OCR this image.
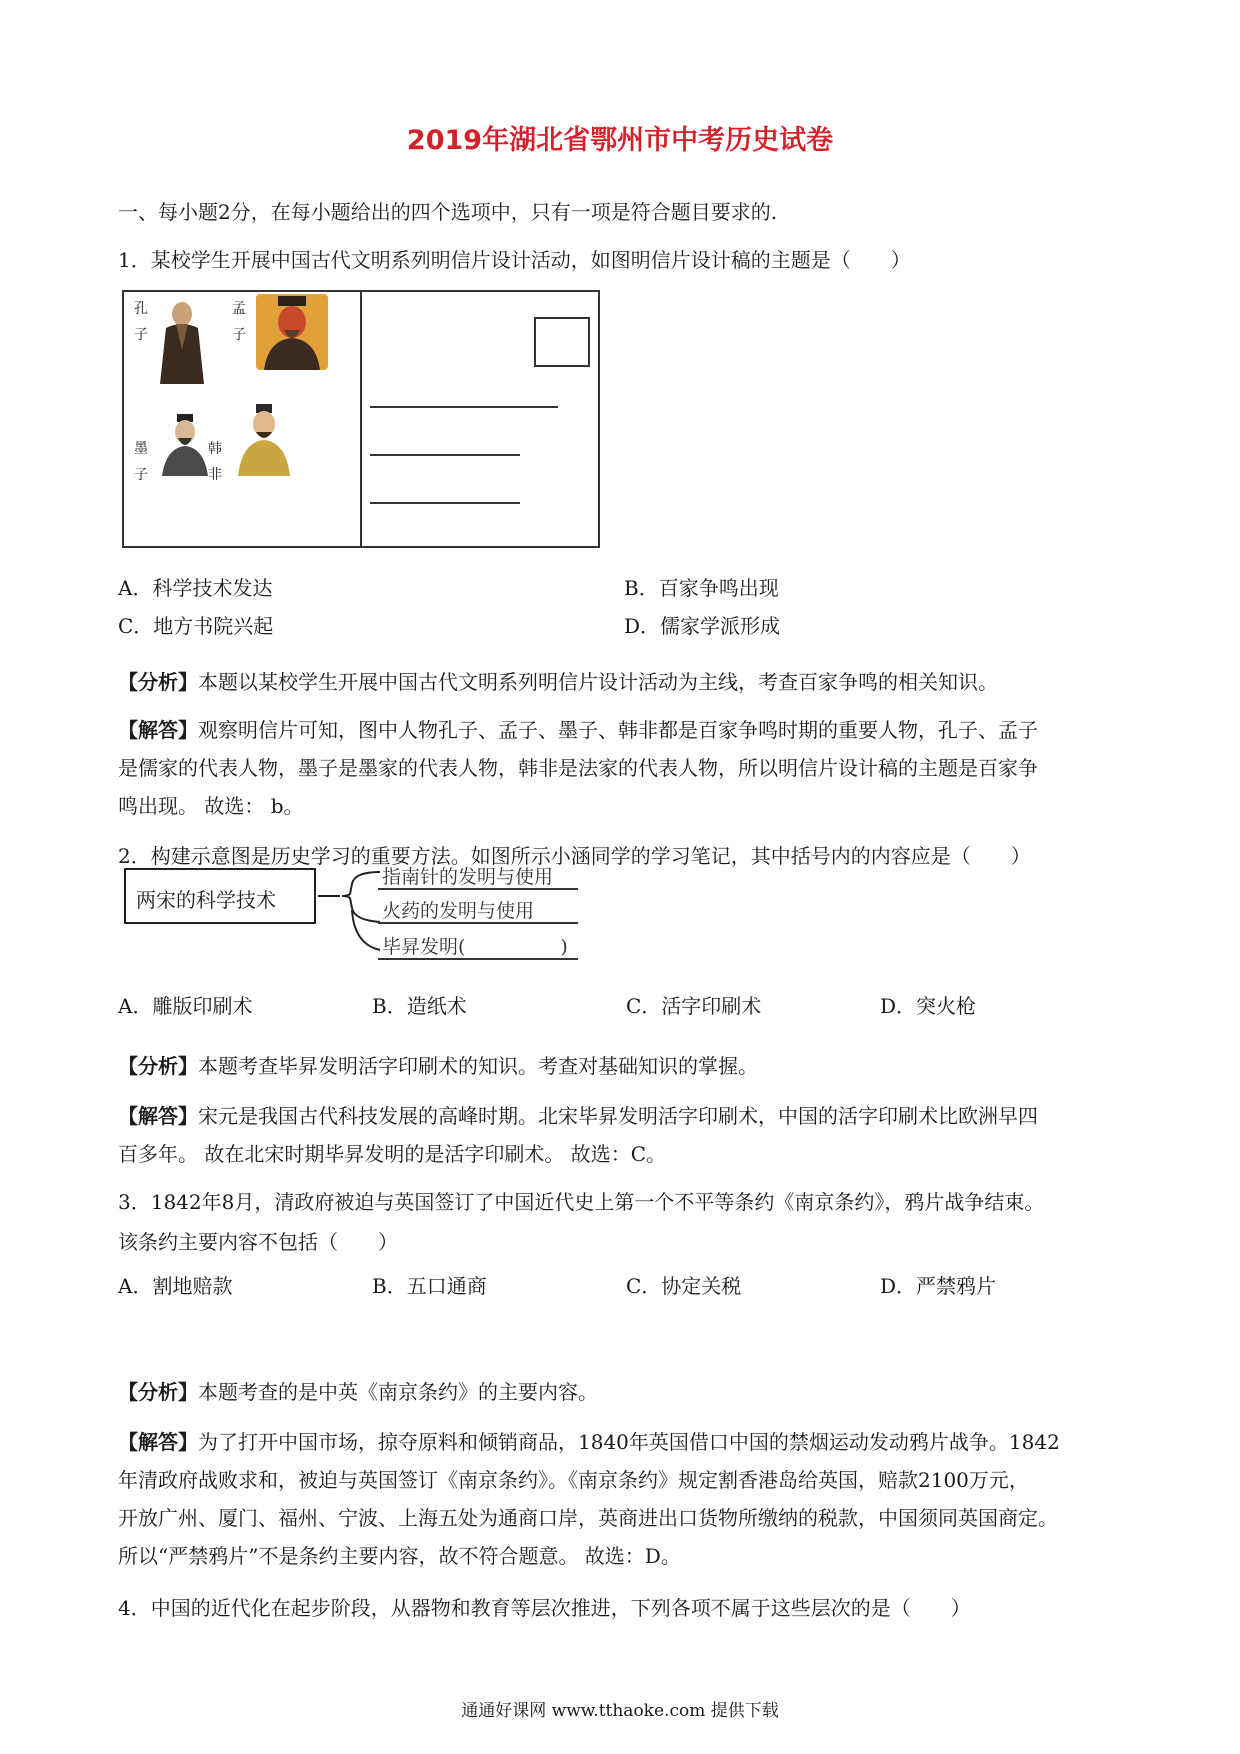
2019年湖北省鄂州市中考历史试卷
一、每小题2分，在每小题给出的四个选项中，只有一项是符合题目要求的.
1．某校学生开展中国古代文明系列明信片设计活动，如图明信片设计稿的主题是（　　）
孔
子
孟
子
墨
子
韩
非
A．科学技术发达	B．百家争鸣出现
C．地方书院兴起	D．儒家学派形成
【分析】本题以某校学生开展中国古代文明系列明信片设计活动为主线，考查百家争鸣的相关知识。
【解答】观察明信片可知，图中人物孔子、孟子、墨子、韩非都是百家争鸣时期的重要人物，孔子、孟子
是儒家的代表人物，墨子是墨家的代表人物，韩非是法家的代表人物，所以明信片设计稿的主题是百家争
鸣出现。 故选： b。
2．构建示意图是历史学习的重要方法。如图所示小涵同学的学习笔记，其中括号内的内容应是（　　）
两宋的科学技术
指南针的发明与使用
火药的发明与使用
毕昇发明(　　　　　)
A．雕版印刷术	B．造纸术	C．活字印刷术	D．突火枪
【分析】本题考查毕昇发明活字印刷术的知识。考查对基础知识的掌握。
【解答】宋元是我国古代科技发展的高峰时期。北宋毕昇发明活字印刷术，中国的活字印刷术比欧洲早四
百多年。 故在北宋时期毕昇发明的是活字印刷术。 故选：C。
3．1842年8月，清政府被迫与英国签订了中国近代史上第一个不平等条约《南京条约》，鸦片战争结束。
该条约主要内容不包括（　　）
A．割地赔款	B．五口通商	C．协定关税	D．严禁鸦片
【分析】本题考查的是中英《南京条约》的主要内容。
【解答】为了打开中国市场，掠夺原料和倾销商品，1840年英国借口中国的禁烟运动发动鸦片战争。1842
年清政府战败求和，被迫与英国签订《南京条约》。《南京条约》规定割香港岛给英国，赔款2100万元，
开放广州、厦门、福州、宁波、上海五处为通商口岸，英商进出口货物所缴纳的税款，中国须同英国商定。
所以“严禁鸦片”不是条约主要内容，故不符合题意。 故选：D。
4．中国的近代化在起步阶段，从器物和教育等层次推进，下列各项不属于这些层次的是（　　）
通通好课网 www.tthaoke.com 提供下载
